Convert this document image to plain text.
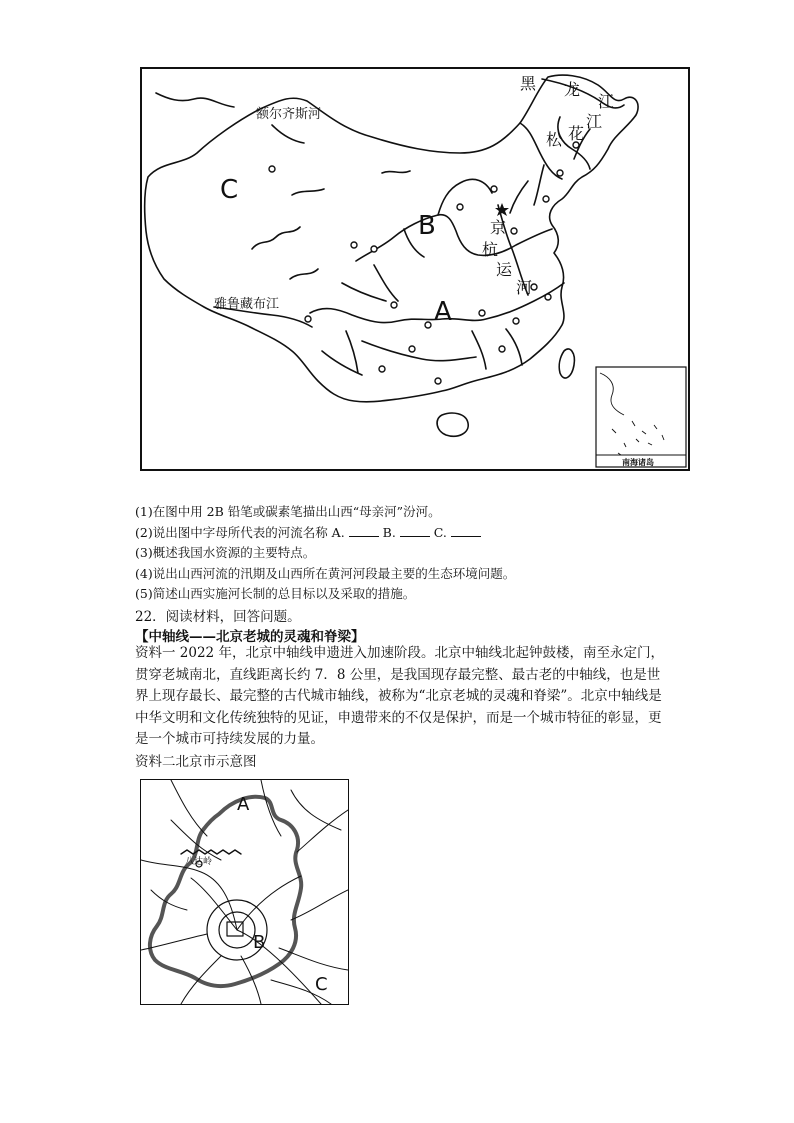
额尔齐斯河
C
B
A
雅鲁藏布江
黑 龙
江
松 花
江
京
杭
运
河
南海诸岛
(1)在图中用 2B 铅笔或碳素笔描出山西“母亲河”汾河。
(2)说出图中字母所代表的河流名称 A.	B.	C.
(3)概述我国水资源的主要特点。
(4)说出山西河流的汛期及山西所在黄河河段最主要的生态环境问题。
(5)简述山西实施河长制的总目标以及采取的措施。
22．阅读材料，回答问题。
【中轴线——北京老城的灵魂和脊梁】
资料一 2022 年，北京中轴线申遗进入加速阶段。北京中轴线北起钟鼓楼，南至永定门，贯穿老城南北，直线距离长约 7．8 公里，是我国现存最完整、最古老的中轴线，也是世界上现存最长、最完整的古代城市轴线，被称为“北京老城的灵魂和脊梁”。北京中轴线是中华文明和文化传统独特的见证，申遗带来的不仅是保护，而是一个城市特征的彰显，更是一个城市可持续发展的力量。
资料二北京市示意图
A
B
C
八达岭
